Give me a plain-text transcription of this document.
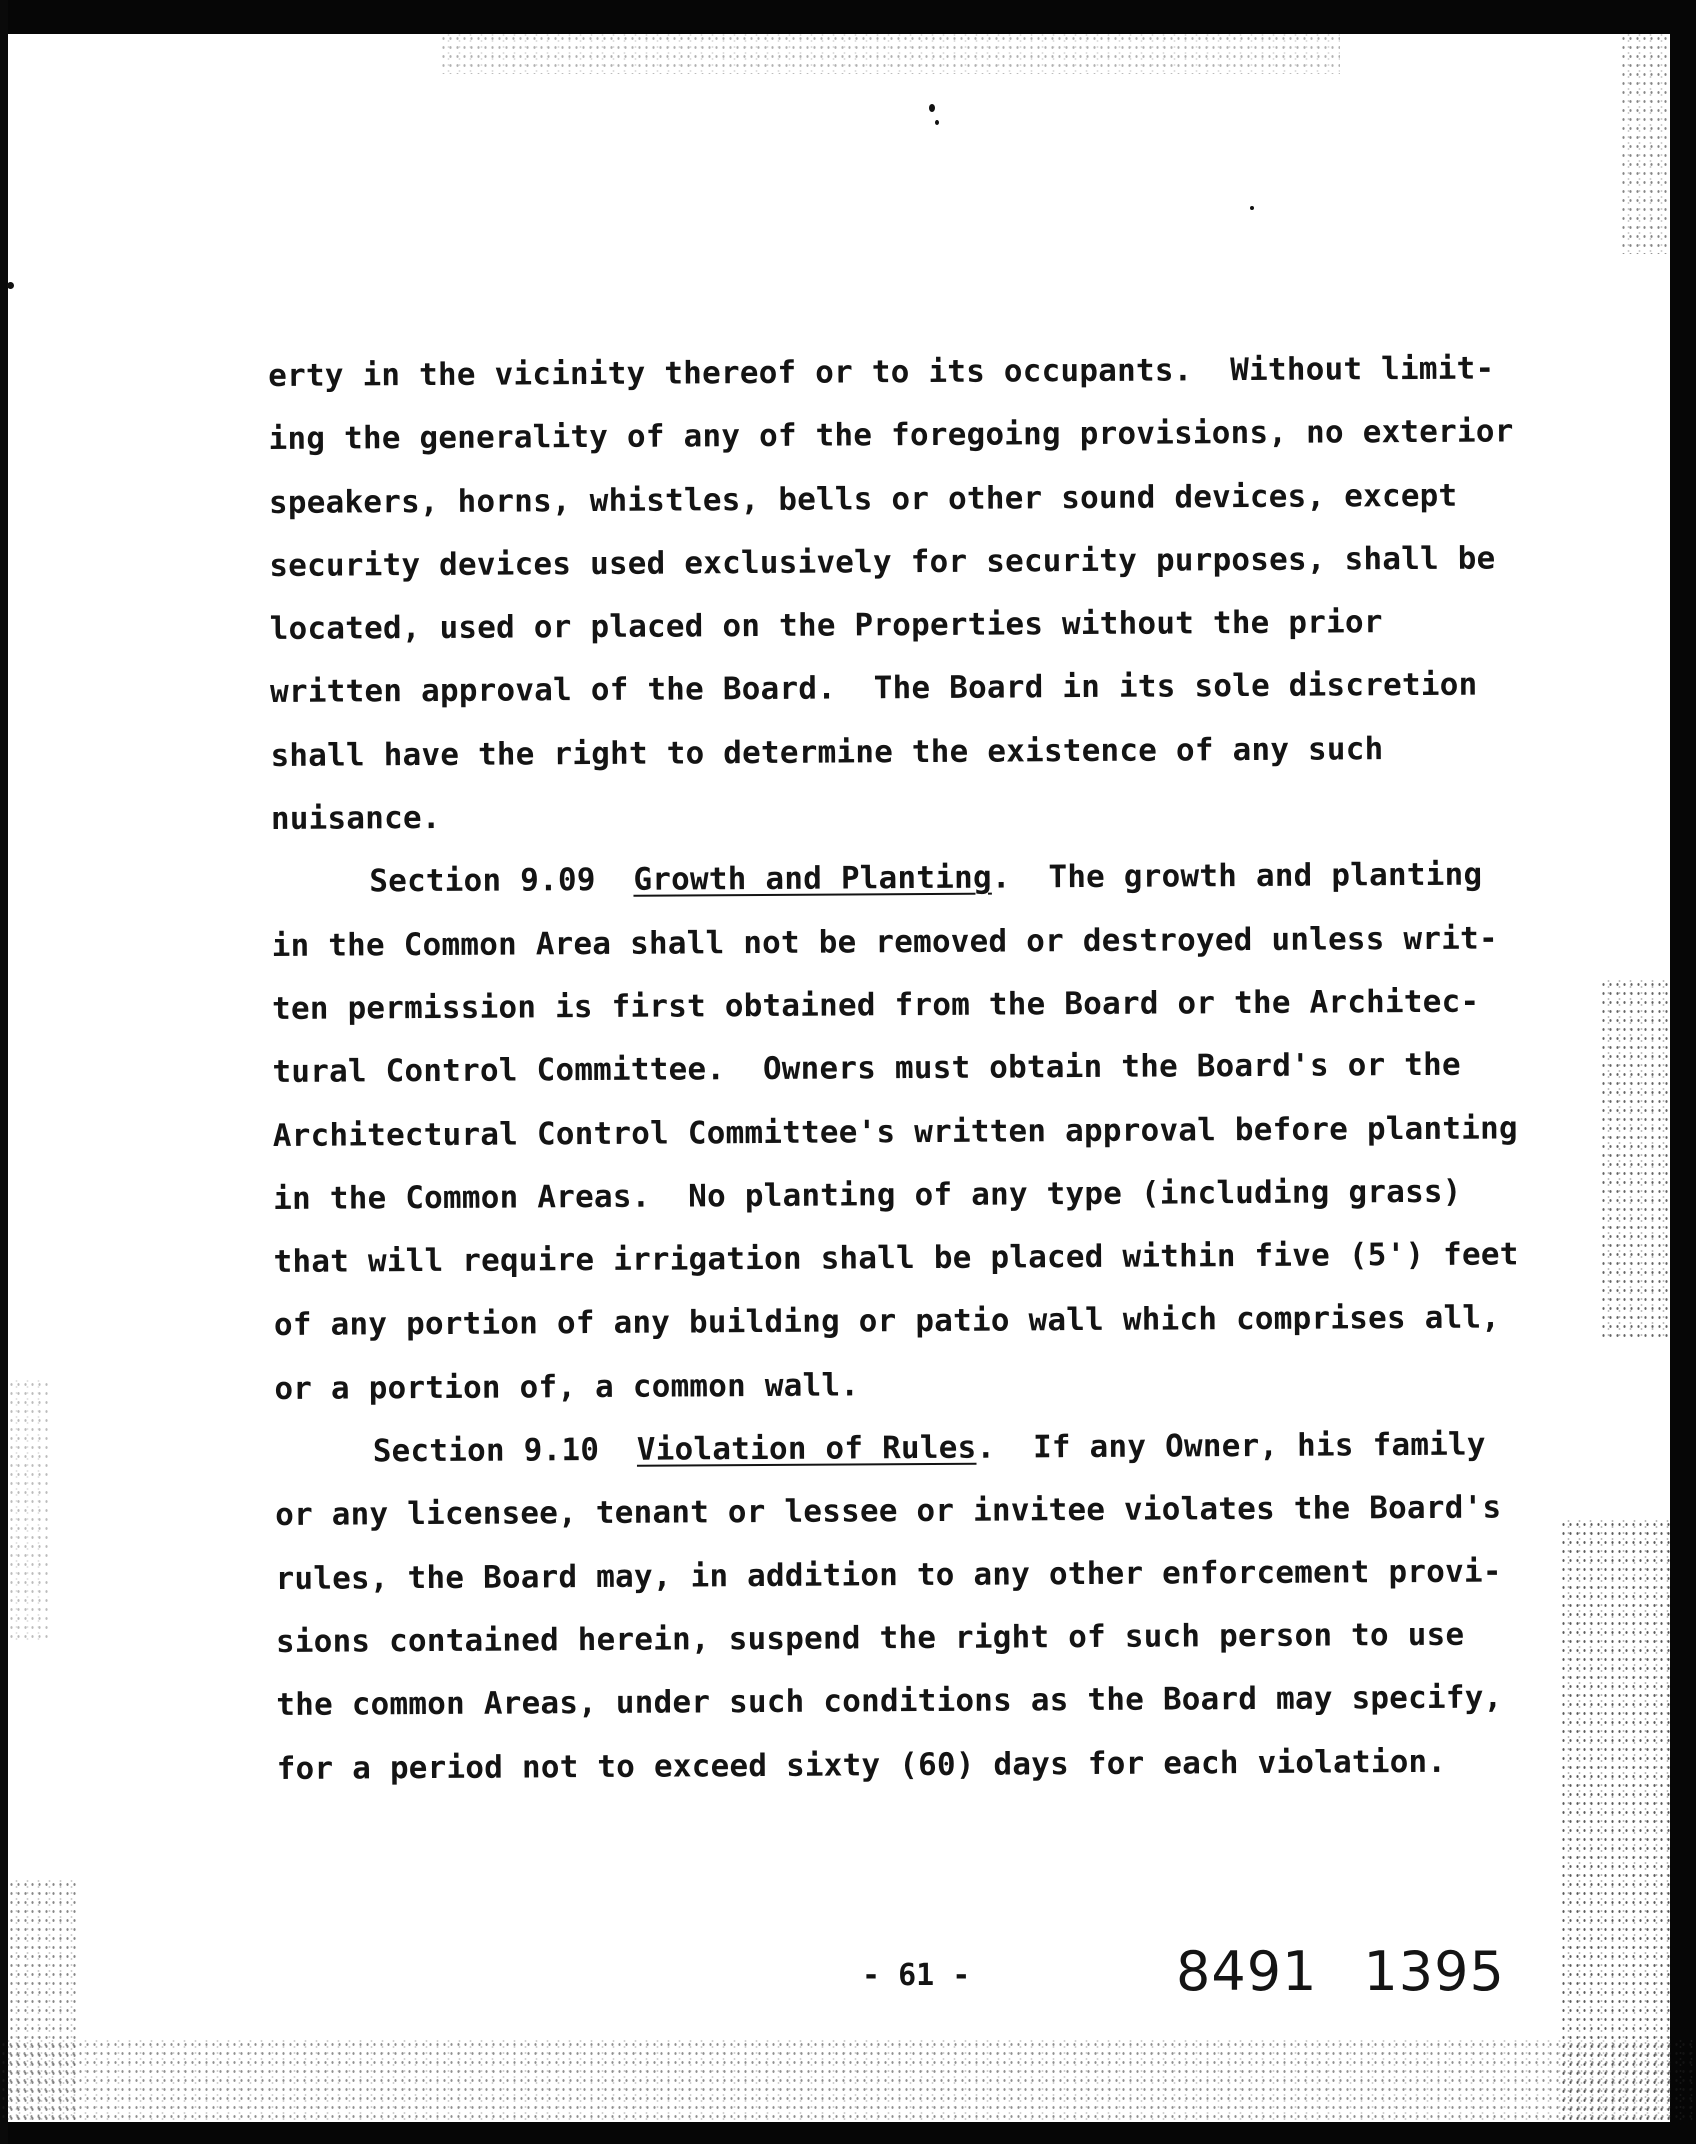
erty in the vicinity thereof or to its occupants.  Without limit-
ing the generality of any of the foregoing provisions, no exterior
speakers, horns, whistles, bells or other sound devices, except
security devices used exclusively for security purposes, shall be
located, used or placed on the Properties without the prior
written approval of the Board.  The Board in its sole discretion
shall have the right to determine the existence of any such
nuisance.
Section 9.09 Growth and Planting.  The growth and planting
in the Common Area shall not be removed or destroyed unless writ-
ten permission is first obtained from the Board or the Architec-
tural Control Committee.  Owners must obtain the Board's or the
Architectural Control Committee's written approval before planting
in the Common Areas.  No planting of any type (including grass)
that will require irrigation shall be placed within five (5') feet
of any portion of any building or patio wall which comprises all,
or a portion of, a common wall.
Section 9.10 Violation of Rules.  If any Owner, his family
or any licensee, tenant or lessee or invitee violates the Board's
rules, the Board may, in addition to any other enforcement provi-
sions contained herein, suspend the right of such person to use
the common Areas, under such conditions as the Board may specify,
for a period not to exceed sixty (60) days for each violation.
- 61 -	8491 1395
